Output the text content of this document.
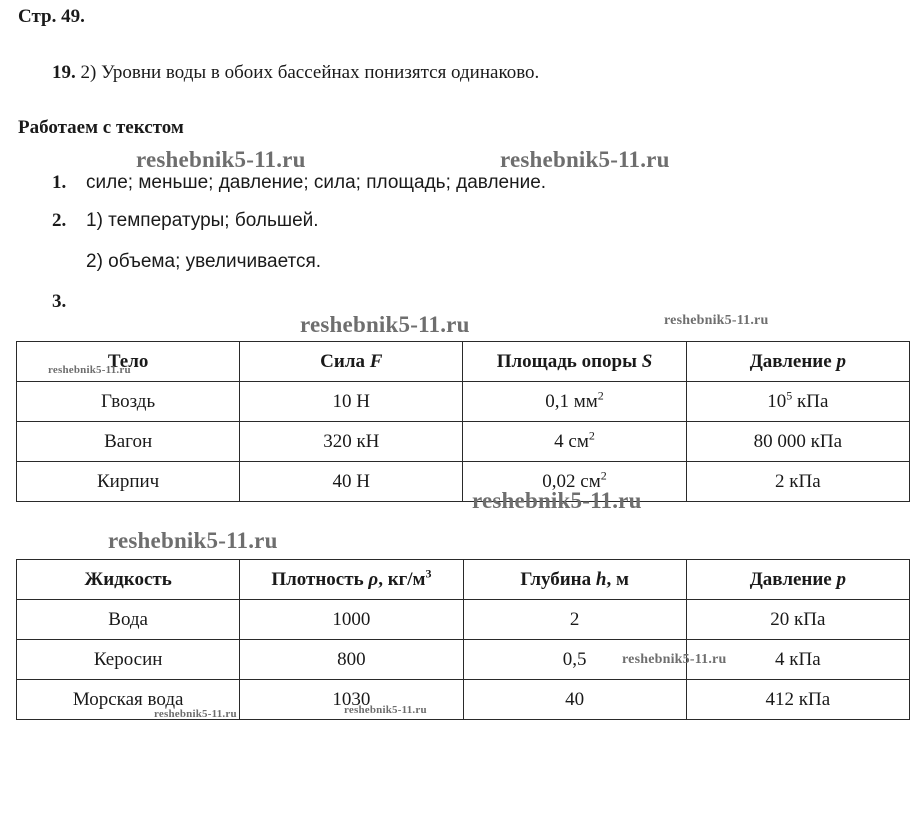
Стр. 49.
19. 2) Уровни воды в обоих бассейнах понизятся одинаково.
Работаем с текстом
1. силе; меньше; давление; сила; площадь; давление.
2. 1) температуры; большей.
2) объема; увеличивается.
3.
Тело	Сила F	Площадь опоры S	Давление p
Гвоздь	10 Н	0,1 $мм^2$	$10^5$ кПа
Вагон	320 кН	4 $см^2$	80 000 кПа
Кирпич	40 Н	0,02 $см^2$	2 кПа
Жидкость	Плотность ρ, $кг/м^3$	Глубина h, м	Давление p
Вода	1000	2	20 кПа
Керосин	800	0,5	4 кПа
Морская вода	1030	40	412 кПа
reshebnik5-11.ru	reshebnik5-11.ru
reshebnik5-11.ru	reshebnik5-11.ru
reshebnik5-11.ru
reshebnik5-11.ru
reshebnik5-11.ru
reshebnik5-11.ru
reshebnik5-11.ru	reshebnik5-11.ru
